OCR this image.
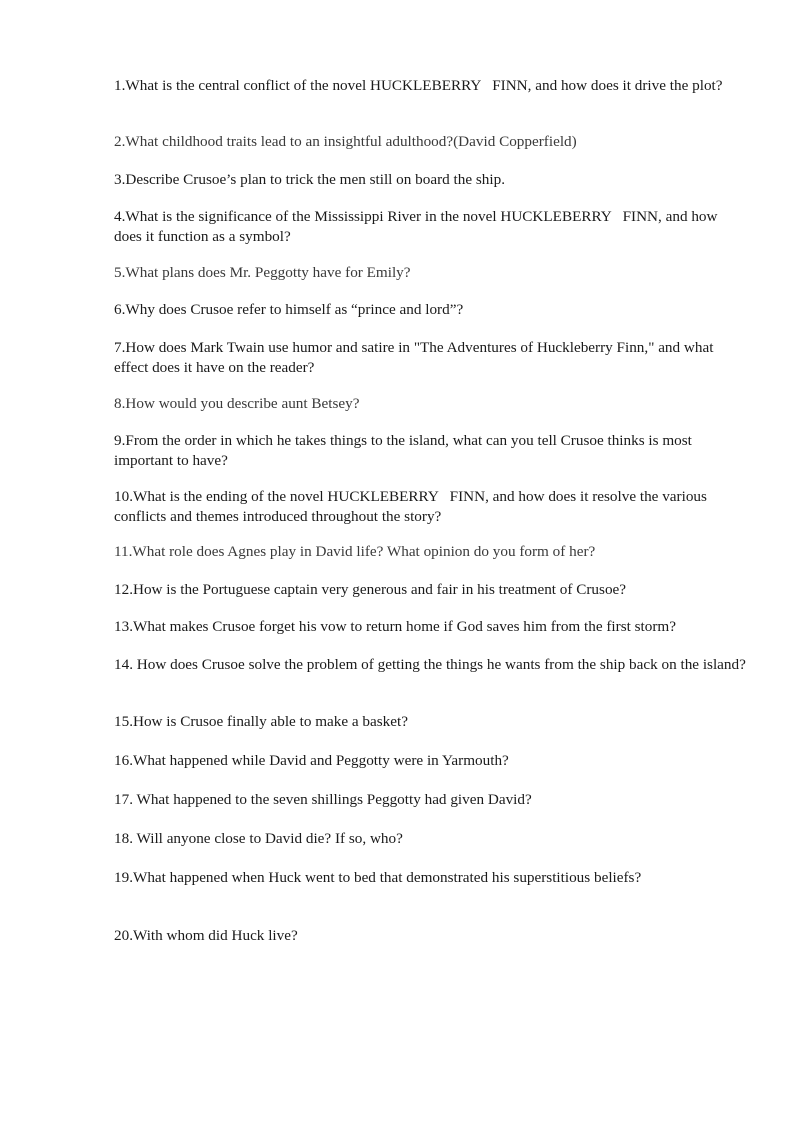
1.What is the central conflict of the novel HUCKLEBERRY   FINN, and how does it drive the plot?

2.What childhood traits lead to an insightful adulthood?(David Copperfield)

3.Describe Crusoe’s plan to trick the men still on board the ship.

4.What is the significance of the Mississippi River in the novel HUCKLEBERRY   FINN, and how does it function as a symbol?

5.What plans does Mr. Peggotty have for Emily?

6.Why does Crusoe refer to himself as “prince and lord”?

7.How does Mark Twain use humor and satire in "The Adventures of Huckleberry Finn," and what effect does it have on the reader?

8.How would you describe aunt Betsey?

9.From the order in which he takes things to the island, what can you tell Crusoe thinks is most important to have?

10.What is the ending of the novel HUCKLEBERRY   FINN, and how does it resolve the various conflicts and themes introduced throughout the story?

11.What role does Agnes play in David life? What opinion do you form of her?

12.How is the Portuguese captain very generous and fair in his treatment of Crusoe?

13.What makes Crusoe forget his vow to return home if God saves him from the first storm?

14. How does Crusoe solve the problem of getting the things he wants from the ship back on the island?

15.How is Crusoe finally able to make a basket?

16.What happened while David and Peggotty were in Yarmouth?

17. What happened to the seven shillings Peggotty had given David?

18. Will anyone close to David die? If so, who?

19.What happened when Huck went to bed that demonstrated his superstitious beliefs?

20.With whom did Huck live?
